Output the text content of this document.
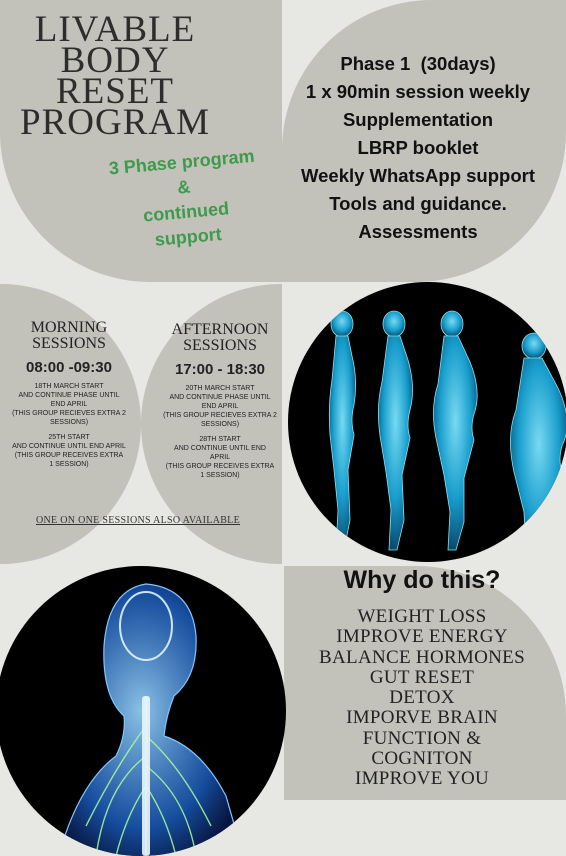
LIVABLE
BODY
RESET
PROGRAM
3 Phase program
&
continued
support
Phase 1  (30days)
1 x 90min session weekly
Supplementation
LBRP booklet
Weekly WhatsApp support
Tools and guidance.
Assessments
MORNING
SESSIONS
08:00 -09:30
18TH MARCH START
AND CONTINUE PHASE UNTIL
END APRIL
(THIS GROUP RECIEVES EXTRA 2
SESSIONS)
25TH START
AND CONTINUE UNTIL END APRIL
(THIS GROUP RECEIVES EXTRA
1 SESSION)
AFTERNOON
SESSIONS
17:00 - 18:30
20TH MARCH START
AND CONTINUE PHASE UNTIL
END APRIL
(THIS GROUP RECIEVES EXTRA 2
SESSIONS)
28TH START
AND CONTINUE UNTIL END
APRIL
(THIS GROUP RECEIVES EXTRA
1 SESSION)
ONE ON ONE SESSIONS ALSO AVAILABLE
Why do this?
WEIGHT LOSS
IMPROVE ENERGY
BALANCE HORMONES
GUT RESET
DETOX
IMPORVE BRAIN
FUNCTION &
COGNITON
IMPROVE YOU
